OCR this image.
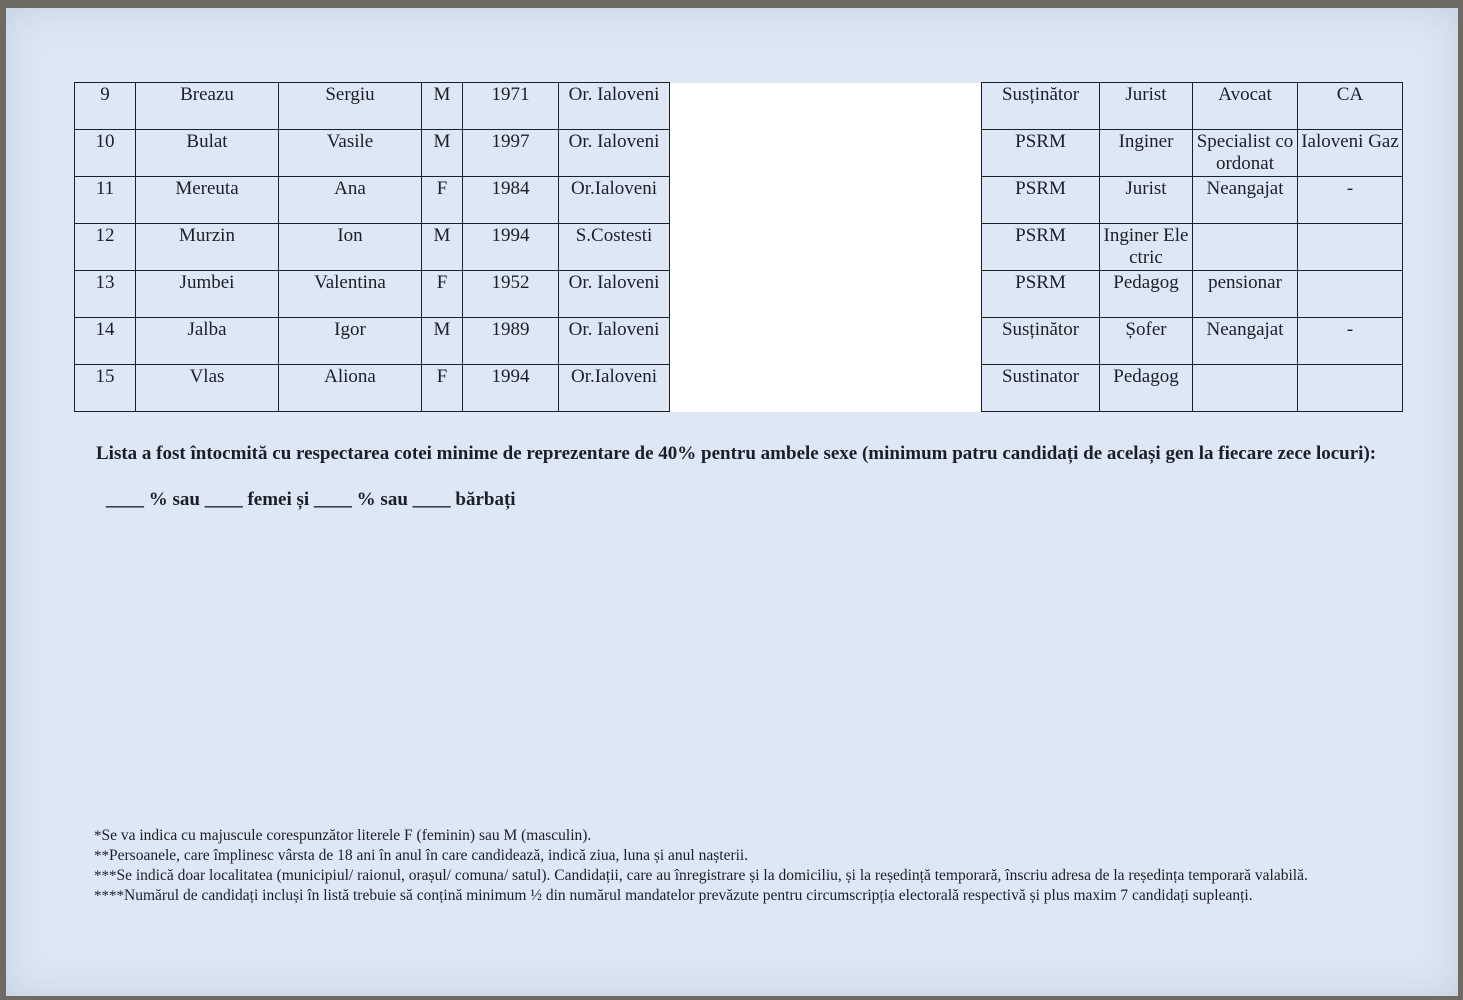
9	Breazu	Sergiu	M	1971	Or. Ialoveni		Susținător	Jurist	Avocat	CA
10	Bulat	Vasile	M	1997	Or. Ialoveni		PSRM	Inginer	Specialist coordonat	Ialoveni Gaz
11	Mereuta	Ana	F	1984	Or.Ialoveni		PSRM	Jurist	Neangajat	-
12	Murzin	Ion	M	1994	S.Costesti		PSRM	Inginer Electric		
13	Jumbei	Valentina	F	1952	Or. Ialoveni		PSRM	Pedagog	pensionar	
14	Jalba	Igor	M	1989	Or. Ialoveni		Susținător	Șofer	Neangajat	-
15	Vlas	Aliona	F	1994	Or.Ialoveni		Sustinator	Pedagog		
Lista a fost întocmită cu respectarea cotei minime de reprezentare de 40% pentru ambele sexe (minimum patru candidați de același gen la fiecare zece locuri):
____ % sau ____ femei și ____ % sau ____ bărbați
*Se va indica cu majuscule corespunzător literele F (feminin) sau M (masculin).
**Persoanele, care împlinesc vârsta de 18 ani în anul în care candidează, indică ziua, luna și anul nașterii.
***Se indică doar localitatea (municipiul/ raionul, orașul/ comuna/ satul). Candidații, care au înregistrare și la domiciliu, și la reședință temporară, înscriu adresa de la reședința temporară valabilă.
****Numărul de candidați incluși în listă trebuie să conțină minimum ½ din numărul mandatelor prevăzute pentru circumscripția electorală respectivă și plus maxim 7 candidați supleanți.
